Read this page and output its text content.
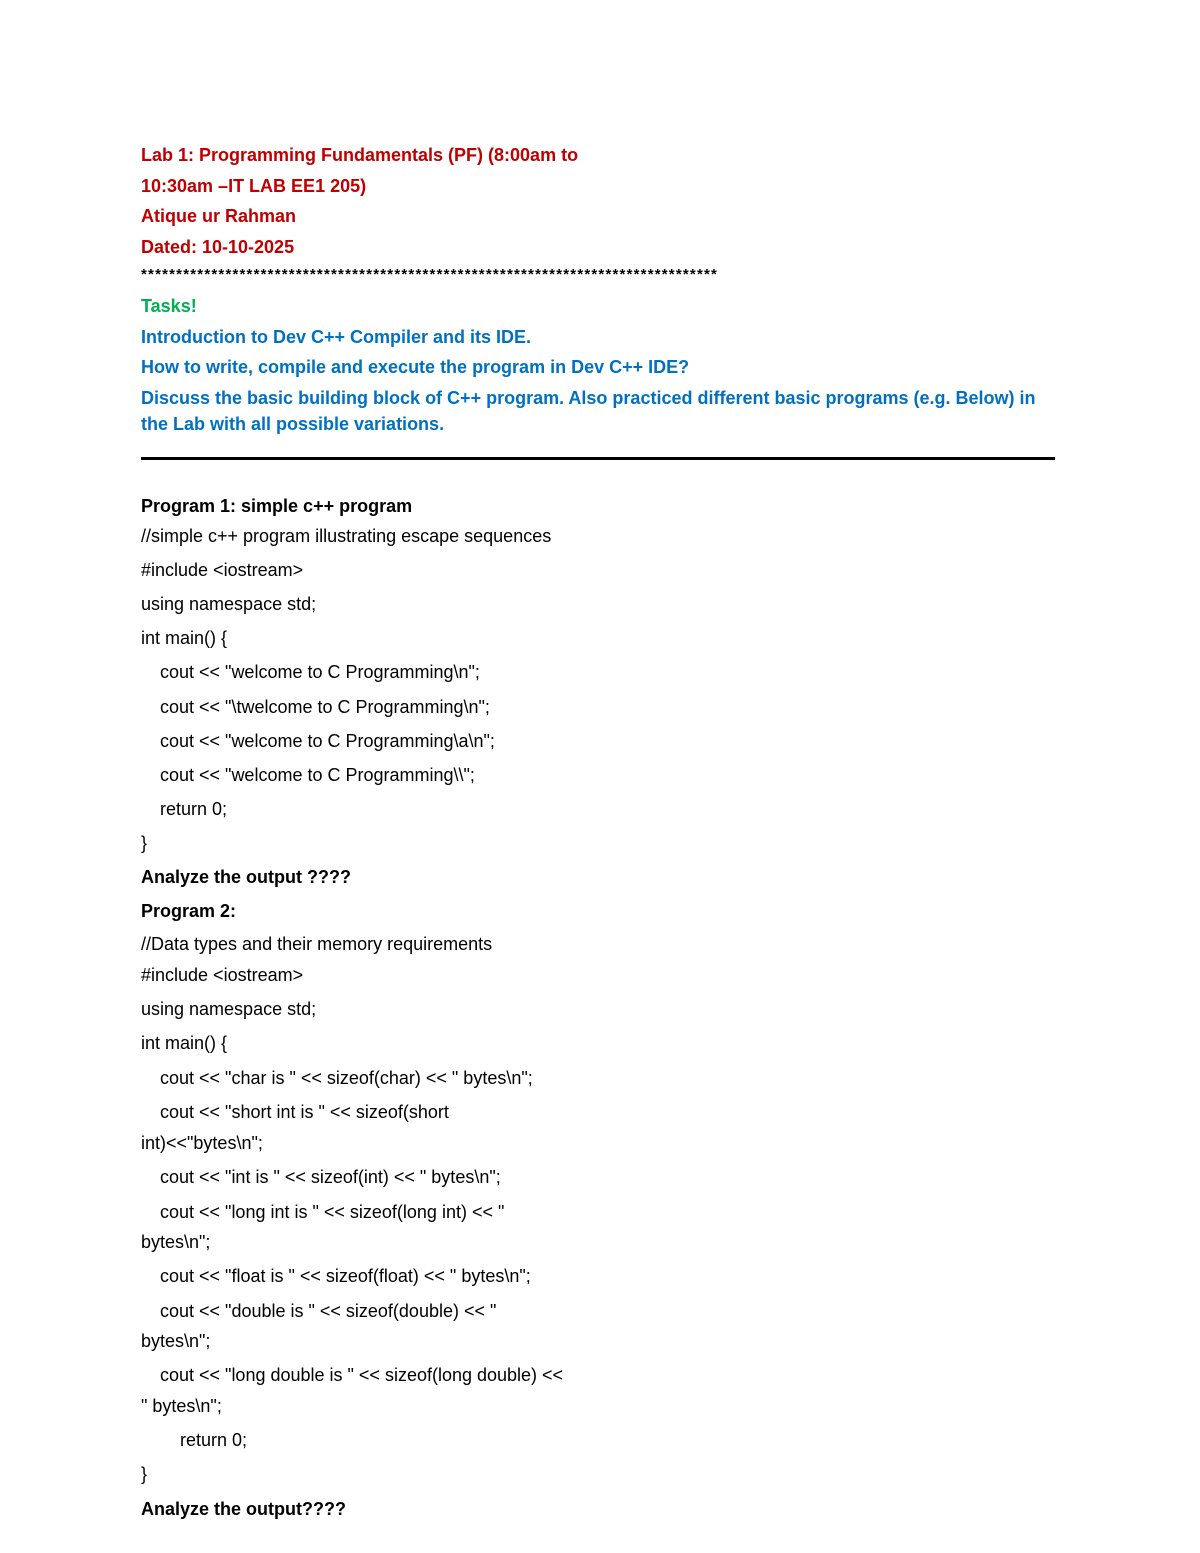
Lab 1: Programming Fundamentals (PF) (8:00am to
10:30am –IT LAB EE1 205)
Atique ur Rahman
Dated: 10-10-2025
**********************************************************************************
Tasks!
Introduction to Dev C++ Compiler and its IDE.
How to write, compile and execute the program in Dev C++ IDE?
Discuss the basic building block of C++ program. Also practiced different basic programs (e.g. Below) in the Lab with all possible variations.
Program 1: simple c++ program
//simple c++ program illustrating escape sequences
#include <iostream>
using namespace std;
int main() {
cout << "welcome to C Programming\n";
cout << "\twelcome to C Programming\n";
cout << "welcome to C Programming\a\n";
cout << "welcome to C Programming\\";
return 0;
}
Analyze the output ????
Program 2:
//Data types and their memory requirements
#include <iostream>
using namespace std;
int main() {
cout << "char is " << sizeof(char) << " bytes\n";
cout << "short int is " << sizeof(short
int)<<"bytes\n";
cout << "int is " << sizeof(int) << " bytes\n";
cout << "long int is " << sizeof(long int) << "
bytes\n";
cout << "float is " << sizeof(float) << " bytes\n";
cout << "double is " << sizeof(double) << "
bytes\n";
cout << "long double is " << sizeof(long double) <<
" bytes\n";
return 0;
}
Analyze the output????
